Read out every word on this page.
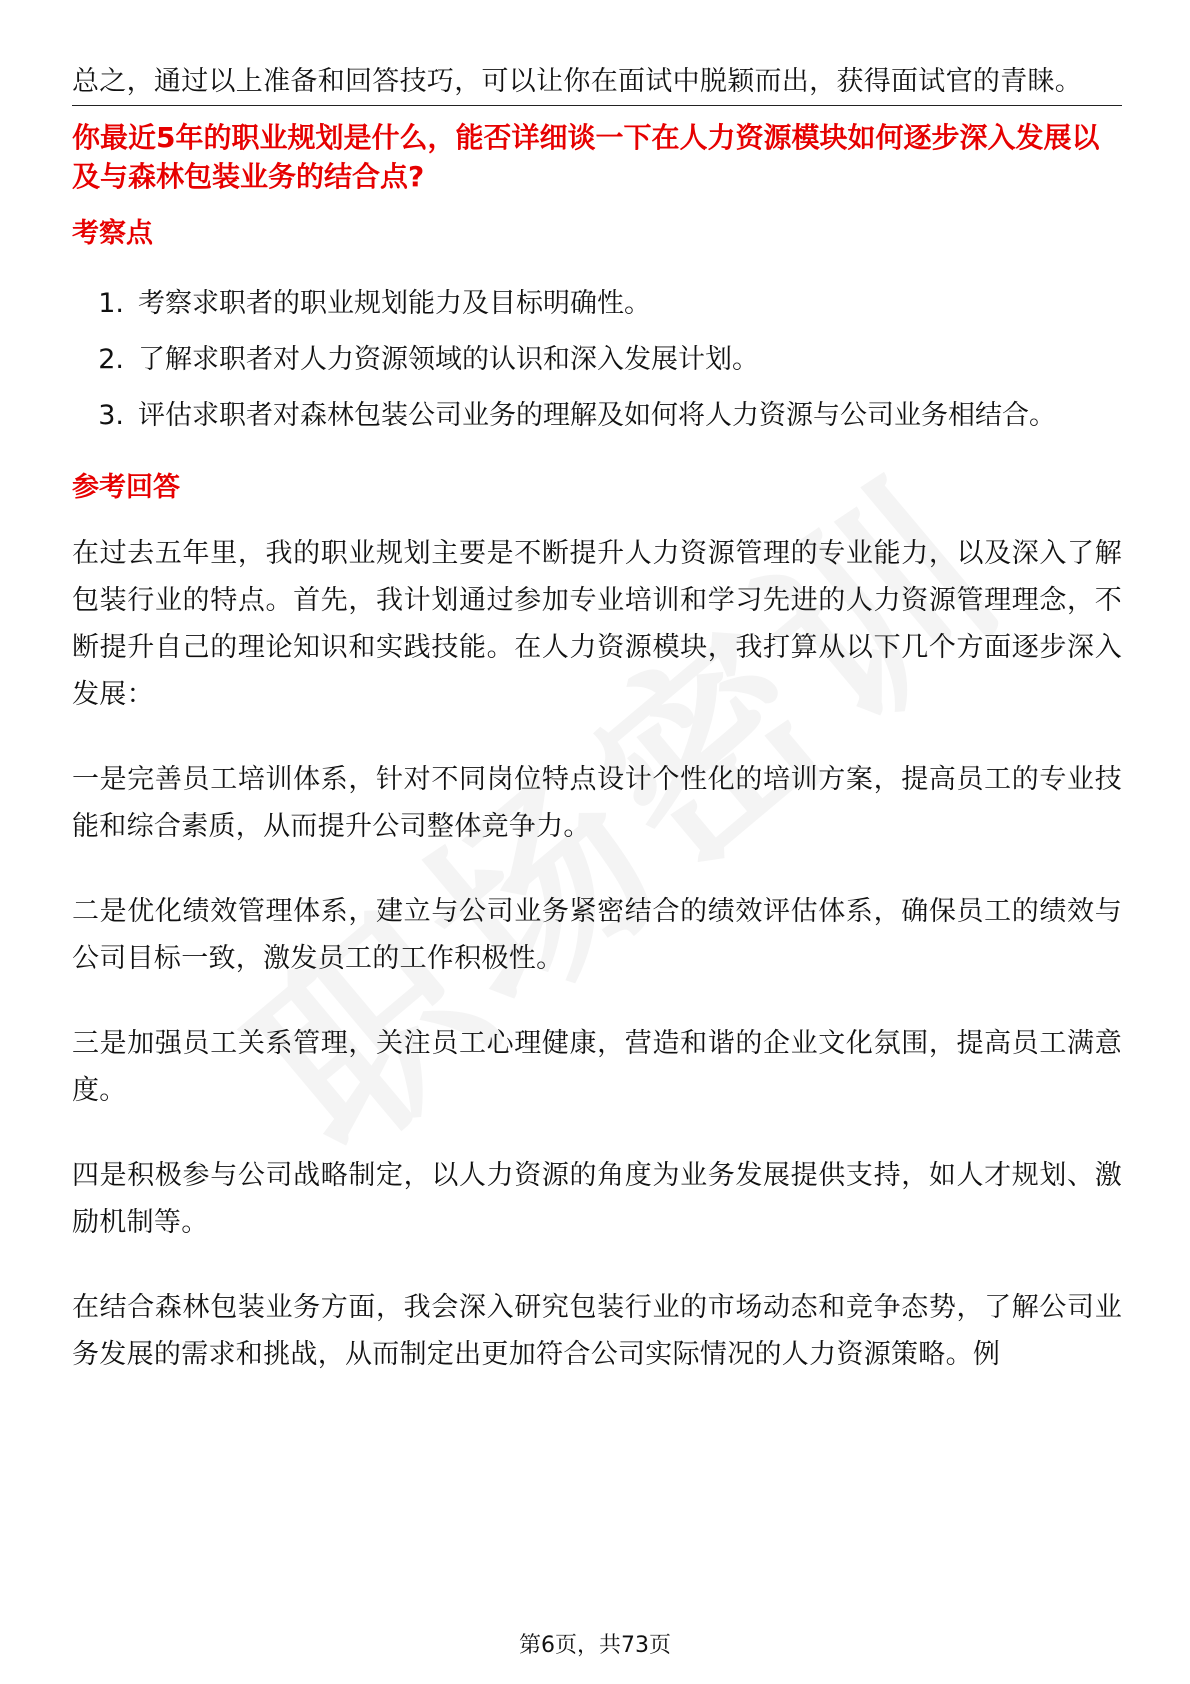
总之，通过以上准备和回答技巧，可以让你在面试中脱颖而出，获得面试官的青睐。

你最近5年的职业规划是什么，能否详细谈一下在人力资源模块如何逐步深入发展以及与森林包装业务的结合点?
考察点
1. 考察求职者的职业规划能力及目标明确性。
2. 了解求职者对人力资源领域的认识和深入发展计划。
3. 评估求职者对森林包装公司业务的理解及如何将人力资源与公司业务相结合。
参考回答

在过去五年里，我的职业规划主要是不断提升人力资源管理的专业能力，以及深入了解包装行业的特点。首先，我计划通过参加专业培训和学习先进的人力资源管理理念，不断提升自己的理论知识和实践技能。在人力资源模块，我打算从以下几个方面逐步深入发展：

一是完善员工培训体系，针对不同岗位特点设计个性化的培训方案，提高员工的专业技能和综合素质，从而提升公司整体竞争力。

二是优化绩效管理体系，建立与公司业务紧密结合的绩效评估体系，确保员工的绩效与公司目标一致，激发员工的工作积极性。

三是加强员工关系管理，关注员工心理健康，营造和谐的企业文化氛围，提高员工满意度。

四是积极参与公司战略制定，以人力资源的角度为业务发展提供支持，如人才规划、激励机制等。

在结合森林包装业务方面，我会深入研究包装行业的市场动态和竞争态势，了解公司业务发展的需求和挑战，从而制定出更加符合公司实际情况的人力资源策略。例

第6页，共73页
